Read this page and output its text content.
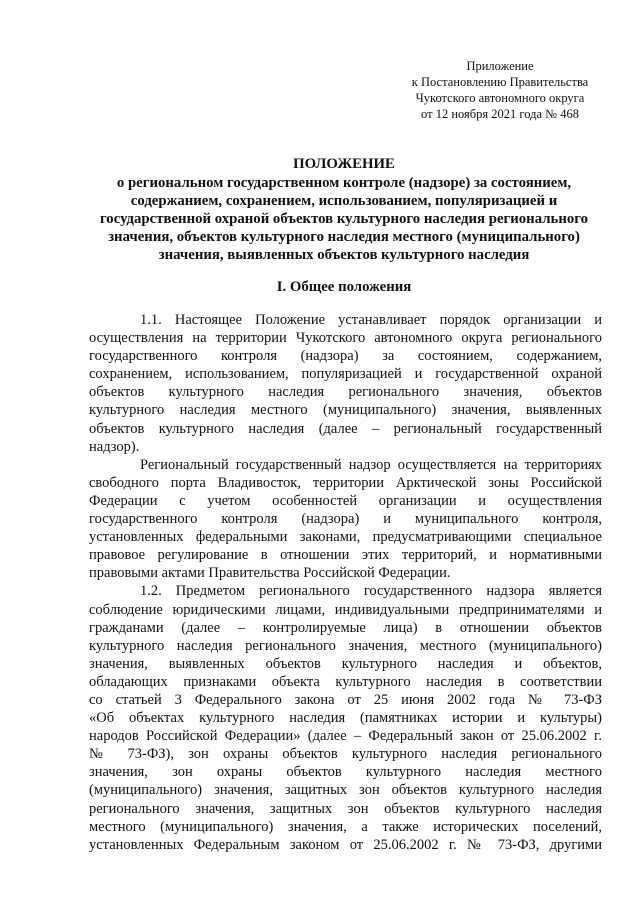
Приложение
к Постановлению Правительства
Чукотского автономного округа
от 12 ноября 2021 года № 468
ПОЛОЖЕНИЕ
о региональном государственном контроле (надзоре) за состоянием,
содержанием, сохранением, использованием, популяризацией и
государственной охраной объектов культурного наследия регионального
значения, объектов культурного наследия местного (муниципального)
значения, выявленных объектов культурного наследия
I. Общее положения
1.1. Настоящее Положение устанавливает порядок организации и
осуществления на территории Чукотского автономного округа регионального
государственного контроля (надзора) за состоянием, содержанием,
сохранением, использованием, популяризацией и государственной охраной
объектов культурного наследия регионального значения, объектов
культурного наследия местного (муниципального) значения, выявленных
объектов культурного наследия (далее – региональный государственный
надзор).
Региональный государственный надзор осуществляется на территориях
свободного порта Владивосток, территории Арктической зоны Российской
Федерации с учетом особенностей организации и осуществления
государственного контроля (надзора) и муниципального контроля,
установленных федеральными законами, предусматривающими специальное
правовое регулирование в отношении этих территорий, и нормативными
правовыми актами Правительства Российской Федерации.
1.2. Предметом регионального государственного надзора является
соблюдение юридическими лицами, индивидуальными предпринимателями и
гражданами (далее – контролируемые лица) в отношении объектов
культурного наследия регионального значения, местного (муниципального)
значения, выявленных объектов культурного наследия и объектов,
обладающих признаками объекта культурного наследия в соответствии
со статьей 3 Федерального закона от 25 июня 2002 года № 73-ФЗ
«Об объектах культурного наследия (памятниках истории и культуры)
народов Российской Федерации» (далее – Федеральный закон от 25.06.2002 г.
№ 73-ФЗ), зон охраны объектов культурного наследия регионального
значения, зон охраны объектов культурного наследия местного
(муниципального) значения, защитных зон объектов культурного наследия
регионального значения, защитных зон объектов культурного наследия
местного (муниципального) значения, а также исторических поселений,
установленных Федеральным законом от 25.06.2002 г. № 73-ФЗ, другими
